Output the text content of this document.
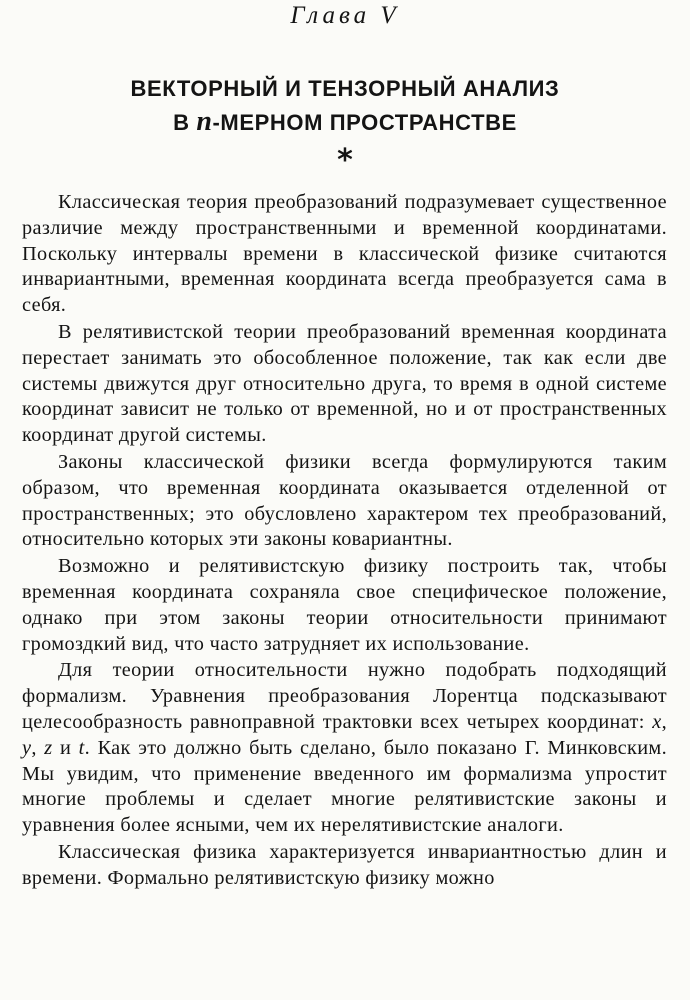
Глава V
ВЕКТОРНЫЙ И ТЕНЗОРНЫЙ АНАЛИЗ
В n-МЕРНОМ ПРОСТРАНСТВЕ
*

Классическая теория преобразований подразумевает существенное различие между пространственными и временной координатами. Поскольку интервалы времени в классической физике считаются инвариантными, временная координата всегда преобразуется сама в себя.

В релятивистской теории преобразований временная координата перестает занимать это обособленное положение, так как если две системы движутся друг относительно друга, то время в одной системе координат зависит не только от временной, но и от пространственных координат другой системы.

Законы классической физики всегда формулируются таким образом, что временная координата оказывается отделенной от пространственных; это обусловлено характером тех преобразований, относительно которых эти законы ковариантны.

Возможно и релятивистскую физику построить так, чтобы временная координата сохраняла свое специфическое положение, однако при этом законы теории относительности принимают громоздкий вид, что часто затрудняет их использование.

Для теории относительности нужно подобрать подходящий формализм. Уравнения преобразования Лорентца подсказывают целесообразность равноправной трактовки всех четырех координат: x, y, z и t. Как это должно быть сделано, было показано Г. Минковским. Мы увидим, что применение введенного им формализма упростит многие проблемы и сделает многие релятивистские законы и уравнения более ясными, чем их нерелятивистские аналоги.

Классическая физика характеризуется инвариантностью длин и времени. Формально релятивистскую физику можно
